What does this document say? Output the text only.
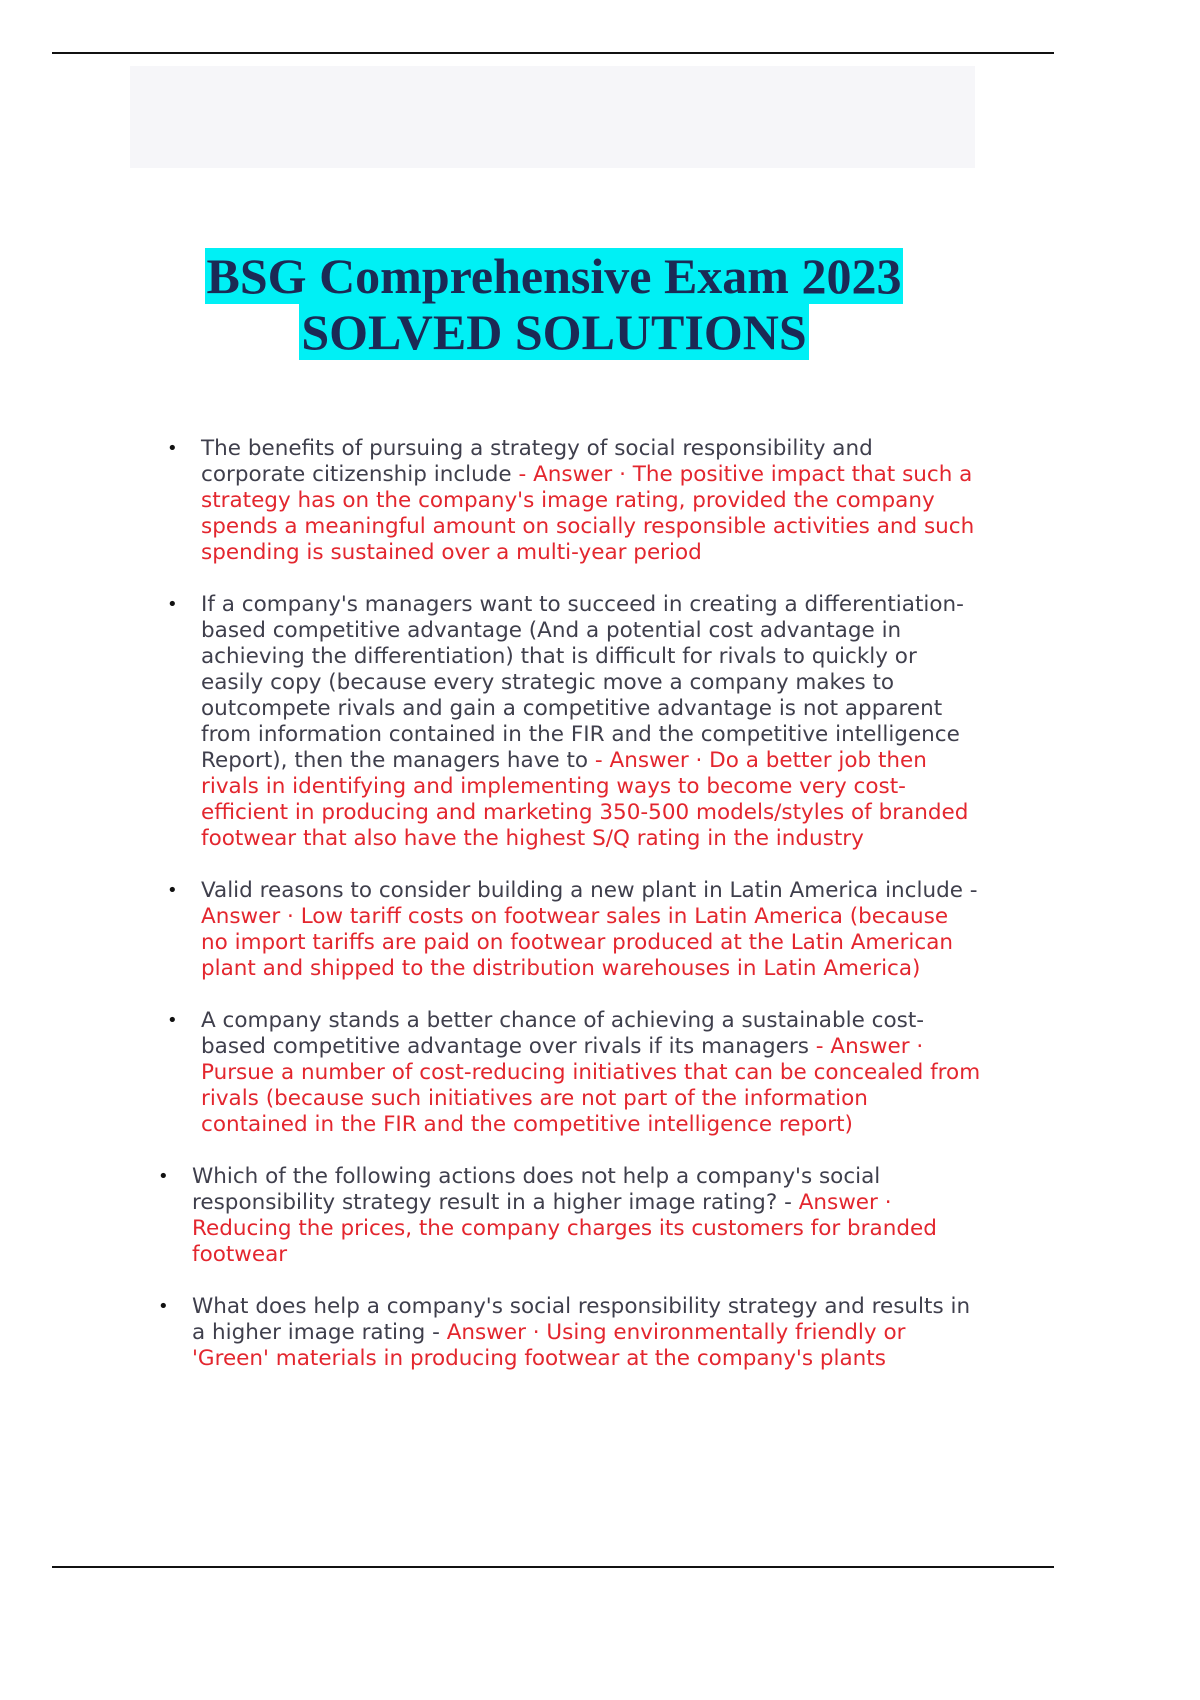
BSG Comprehensive Exam 2023
SOLVED SOLUTIONS
• The benefits of pursuing a strategy of social responsibility and corporate citizenship include - Answer · The positive impact that such a strategy has on the company's image rating, provided the company spends a meaningful amount on socially responsible activities and such spending is sustained over a multi-year period
• If a company's managers want to succeed in creating a differentiation-based competitive advantage (And a potential cost advantage in achieving the differentiation) that is difficult for rivals to quickly or easily copy (because every strategic move a company makes to outcompete rivals and gain a competitive advantage is not apparent from information contained in the FIR and the competitive intelligence Report), then the managers have to - Answer · Do a better job then rivals in identifying and implementing ways to become very cost-efficient in producing and marketing 350-500 models/styles of branded footwear that also have the highest S/Q rating in the industry
• Valid reasons to consider building a new plant in Latin America include - Answer · Low tariff costs on footwear sales in Latin America (because no import tariffs are paid on footwear produced at the Latin American plant and shipped to the distribution warehouses in Latin America)
• A company stands a better chance of achieving a sustainable cost-based competitive advantage over rivals if its managers - Answer · Pursue a number of cost-reducing initiatives that can be concealed from rivals (because such initiatives are not part of the information contained in the FIR and the competitive intelligence report)
• Which of the following actions does not help a company's social responsibility strategy result in a higher image rating? - Answer · Reducing the prices, the company charges its customers for branded footwear
• What does help a company's social responsibility strategy and results in a higher image rating - Answer · Using environmentally friendly or 'Green' materials in producing footwear at the company's plants
